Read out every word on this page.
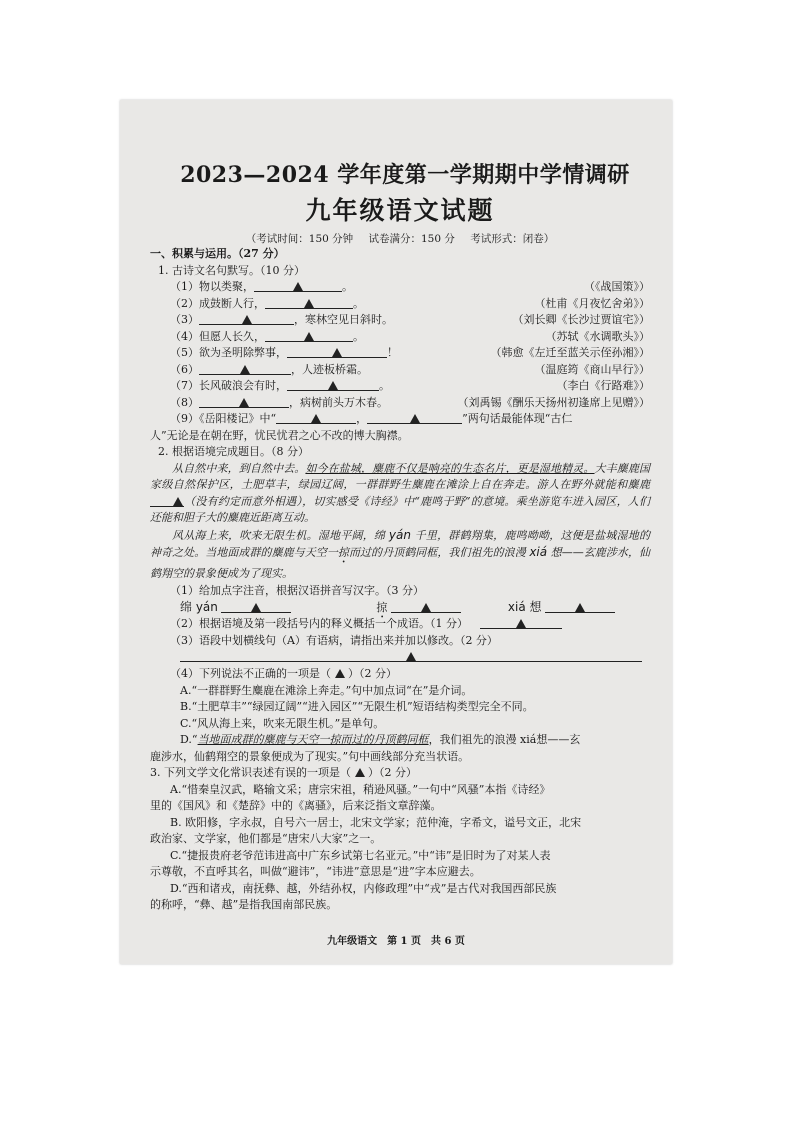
2023—2024 学年度第一学期期中学情调研
九年级语文试题
（考试时间：150 分钟 试卷满分：150 分 考试形式：闭卷）
一、积累与运用。（27 分）
1. 古诗文名句默写。（10 分）
（1）物以类聚，	。	（《战国策》）
（2）成鼓断人行，	。	（杜甫《月夜忆舍弟》）
（3）	，寒林空见日斜时。	（刘长卿《长沙过贾谊宅》）
（4）但愿人长久，	。	（苏轼《水调歌头》）
（5）欲为圣明除弊事，	！	（韩愈《左迁至蓝关示侄孙湘》）
（6）	，人迹板桥霜。	（温庭筠《商山早行》）
（7）长风破浪会有时，	。	（李白《行路难》）
（8）	，病树前头万木春。	（刘禹锡《酬乐天扬州初逢席上见赠》）
（9）《岳阳楼记》中“	，	”两句话最能体现“古仁
人”无论是在朝在野，忧民忧君之心不改的博大胸襟。
2. 根据语境完成题目。（8 分）
从自然中来，到自然中去。如今在盐城，麋鹿不仅是响亮的生态名片，更是湿地精灵。大丰麋鹿国家级自然保护区，土肥草丰，绿园辽阔，一群群野生麋鹿在滩涂上自在奔走。游人在野外就能和麋鹿（没有约定而意外相遇），切实感受《诗经》中“鹿鸣于野”的意境。乘坐游览车进入园区，人们还能和胆子大的麋鹿近距离互动。
风从海上来，吹来无限生机。湿地平阔，绵 yán 千里，群鹤翔集，鹿鸣呦呦，这便是盐城湿地的神奇之处。当地面成群的麋鹿与天空一掠而过的丹顶鹤同框，我们祖先的浪漫 xiá 想——玄鹿涉水，仙鹤翔空的景象便成为了现实。
（1）给加点字注音，根据汉语拼音写汉字。（3 分）
绵 yán	掠	xiá 想
（2）根据语境及第一段括号内的释义概括一个成语。（1 分）
（3）语段中划横线句（A）有语病，请指出来并加以修改。（2 分）
（4）下列说法不正确的一项是（ ）（2 分）
A.“一群群野生麋鹿在滩涂上奔走。”句中加点词“在”是介词。
B.“土肥草丰”“绿园辽阔”“进入园区”“无限生机”短语结构类型完全不同。
C.“风从海上来，吹来无限生机。”是单句。
D.“当地面成群的麋鹿与天空一掠而过的丹顶鹤同框，我们祖先的浪漫 xiá想——玄
鹿涉水，仙鹤翔空的景象便成为了现实。”句中画线部分充当状语。
3. 下列文学文化常识表述有误的一项是（ ）（2 分）
A.“惜秦皇汉武，略输文采；唐宗宋祖，稍逊风骚。”一句中“风骚”本指《诗经》
里的《国风》和《楚辞》中的《离骚》，后来泛指文章辞藻。
B. 欧阳修，字永叔，自号六一居士，北宋文学家；范仲淹，字希文，谥号文正，北宋
政治家、文学家，他们都是“唐宋八大家”之一。
C.“捷报贵府老爷范讳进高中广东乡试第七名亚元。”中“讳”是旧时为了对某人表
示尊敬，不直呼其名，叫做“避讳”，“讳进”意思是“进”字本应避去。
D.“西和诸戎，南抚彝、越，外结孙权，内修政理”中“戎”是古代对我国西部民族
的称呼，“彝、越”是指我国南部民族。
九年级语文　第 1 页　共 6 页
